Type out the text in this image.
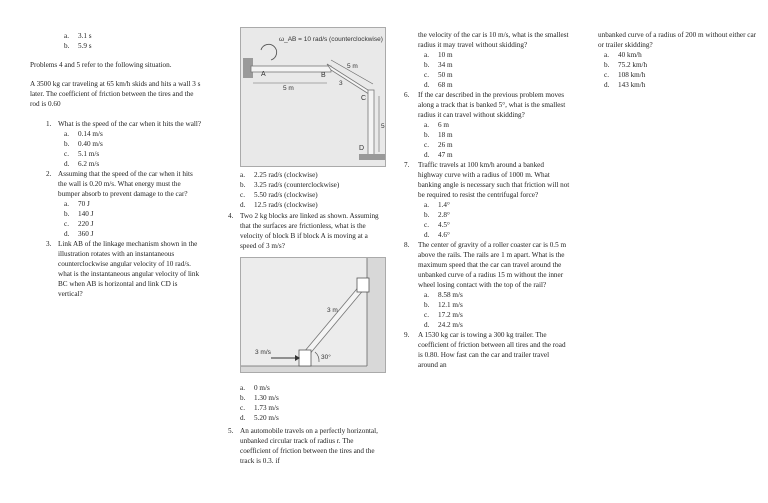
a. 3.1 s
b. 5.9 s

Problems 4 and 5 refer to the following situation.

A 3500 kg car traveling at 65 km/h skids and hits a wall 3 s later. The coefficient of friction between the tires and the rod is 0.60

1. What is the speed of the car when it hits the wall?
a. 0.14 m/s
b. 0.40 m/s
c. 5.1 m/s
d. 6.2 m/s
2. Assuming that the speed of the car when it hits the wall is 0.20 m/s. What energy must the bumper absorb to prevent damage to the car?
a. 70 J
b. 140 J
c. 220 J
d. 360 J
3. Link AB of the linkage mechanism shown in the illustration rotates with an instantaneous counterclockwise angular velocity of 10 rad/s. what is the instantaneous angular velocity of link BC when AB is horizontal and link CD is vertical?
ω_AB = 10 rad/s (counterclockwise)
A	B
5 m
5 m
3
C
5
D
a. 2.25 rad/s (clockwise)
b. 3.25 rad/s (counterclockwise)
c. 5.50 rad/s (clockwise)
d. 12.5 rad/s (clockwise)
4. Two 2 kg blocks are linked as shown. Assuming that the surfaces are frictionless, what is the velocity of block B if block A is moving at a speed of 3 m/s?
3 m/s
3 m
30°
a. 0 m/s
b. 1.30 m/s
c. 1.73 m/s
d. 5.20 m/s
5. An automobile travels on a perfectly horizontal, unbanked circular track of radius r. The coefficient of friction between the tires and the track is 0.3. if

the velocity of the car is 10 m/s, what is the smallest radius it may travel without skidding?

a. 10 m
b. 34 m
c. 50 m
d. 68 m
6. If the car described in the previous problem moves along a track that is banked 5°, what is the smallest radius it can travel without skidding?
a. 6 m
b. 18 m
c. 26 m
d. 47 m
7. Traffic travels at 100 km/h around a banked highway curve with a radius of 1000 m. What banking angle is necessary such that friction will not be required to resist the centrifugal force?
a. 1.4°
b. 2.8°
c. 4.5°
d. 4.6°
8. The center of gravity of a roller coaster car is 0.5 m above the rails. The rails are 1 m apart. What is the maximum speed that the car can travel around the unbanked curve of a radius 15 m without the inner wheel losing contact with the top of the rail?
a. 8.58 m/s
b. 12.1 m/s
c. 17.2 m/s
d. 24.2 m/s
9. A 1530 kg car is towing a 300 kg trailer. The coefficient of friction between all tires and the road is 0.80. How fast can the car and trailer travel around an

unbanked curve of a radius of 200 m without either car or trailer skidding?

a. 40 km/h
b. 75.2 km/h
c. 108 km/h
d. 143 km/h
